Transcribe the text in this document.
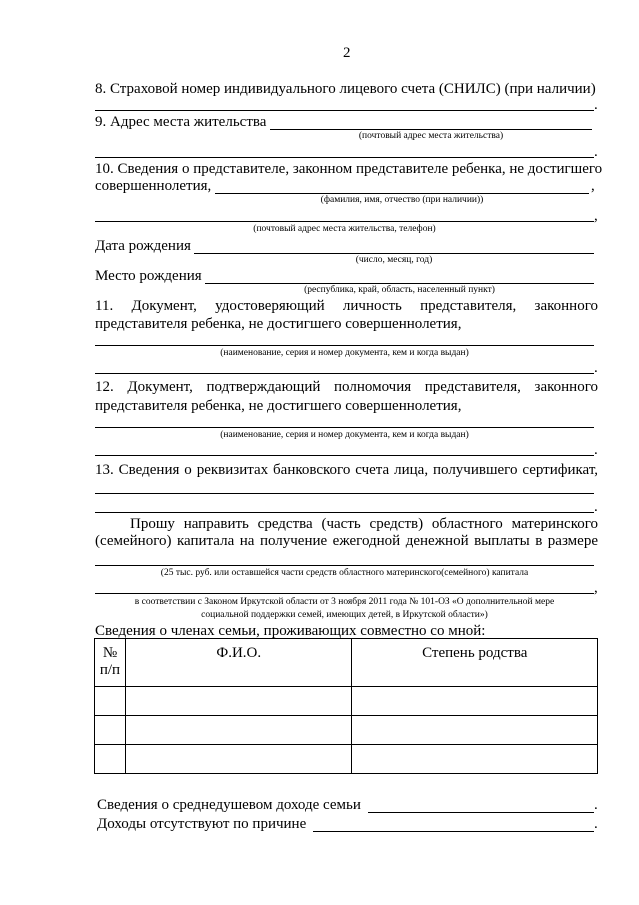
2
8. Страховой номер индивидуального лицевого счета (СНИЛС) (при наличии)
.
9. Адрес места жительства
(почтовый адрес места жительства)
.
10. Сведения о представителе, законном представителе ребенка, не достигшего
совершеннолетия,	,
(фамилия, имя, отчество (при наличии))
,
(почтовый адрес места жительства, телефон)
Дата рождения
(число, месяц, год)
Место рождения
(республика, край, область, населенный пункт)
11. Документ, удостоверяющий личность представителя, законного
представителя ребенка, не достигшего совершеннолетия,
(наименование, серия и номер документа, кем и когда выдан)
.
12. Документ, подтверждающий полномочия представителя, законного
представителя ребенка, не достигшего совершеннолетия,
(наименование, серия и номер документа, кем и когда выдан)
.
13. Сведения о реквизитах банковского счета лица, получившего сертификат,
.
Прошу направить средства (часть средств) областного материнского
(семейного) капитала на получение ежегодной денежной выплаты в размере
(25 тыс. руб. или оставшейся части средств областного материнского(семейного) капитала
,
в соответствии с Законом Иркутской области от 3 ноября 2011 года № 101-ОЗ «О дополнительной мере
социальной поддержки семей, имеющих детей, в Иркутской области»)
Сведения о членах семьи, проживающих совместно со мной:
№
п/п	Ф.И.О.	Степень родства

Сведения о среднедушевом доходе семьи	.
Доходы отсутствуют по причине	.
